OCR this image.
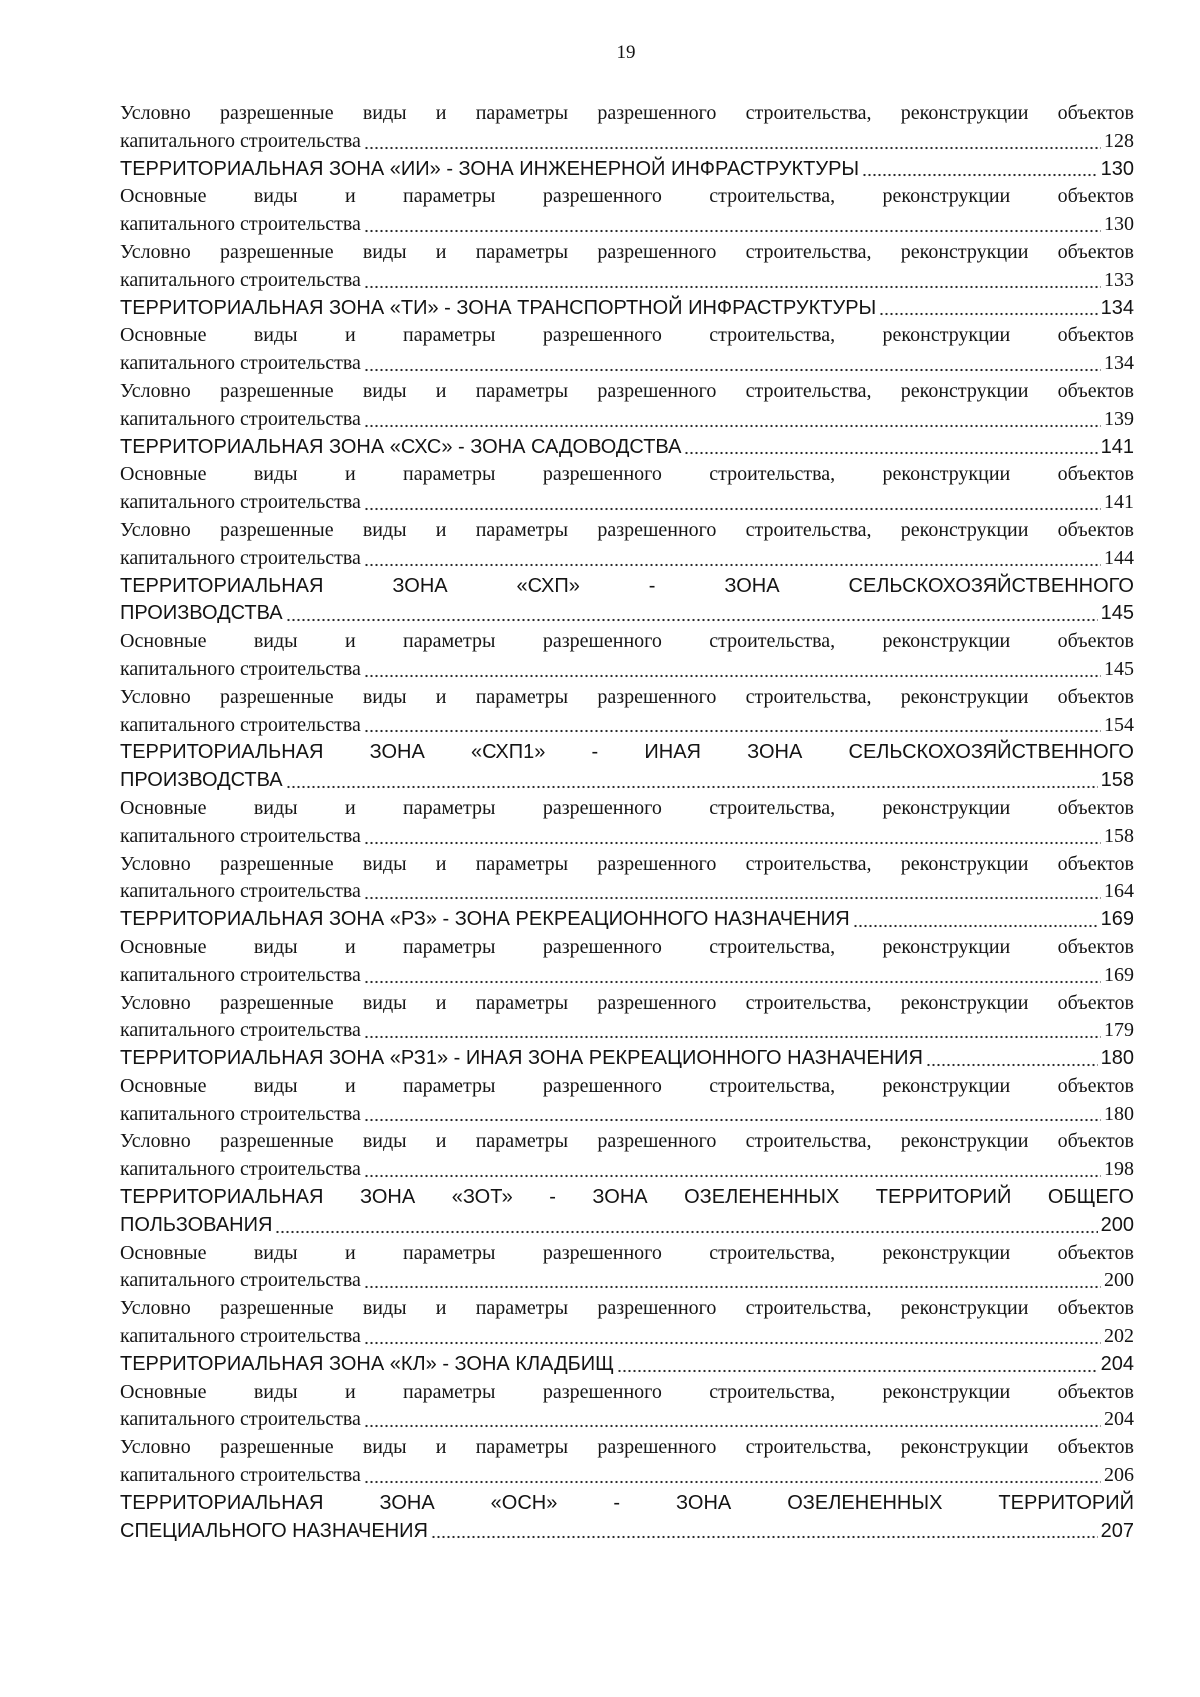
19
Условно разрешенные виды и параметры разрешенного строительства, реконструкции объектов
капитального строительства	128
ТЕРРИТОРИАЛЬНАЯ ЗОНА «ИИ» - ЗОНА ИНЖЕНЕРНОЙ ИНФРАСТРУКТУРЫ	130
Основные виды и параметры разрешенного строительства, реконструкции объектов
капитального строительства	130
Условно разрешенные виды и параметры разрешенного строительства, реконструкции объектов
капитального строительства	133
ТЕРРИТОРИАЛЬНАЯ ЗОНА «ТИ» - ЗОНА ТРАНСПОРТНОЙ ИНФРАСТРУКТУРЫ	134
Основные виды и параметры разрешенного строительства, реконструкции объектов
капитального строительства	134
Условно разрешенные виды и параметры разрешенного строительства, реконструкции объектов
капитального строительства	139
ТЕРРИТОРИАЛЬНАЯ ЗОНА «СХС» - ЗОНА САДОВОДСТВА	141
Основные виды и параметры разрешенного строительства, реконструкции объектов
капитального строительства	141
Условно разрешенные виды и параметры разрешенного строительства, реконструкции объектов
капитального строительства	144
ТЕРРИТОРИАЛЬНАЯ	ЗОНА	«СХП»	-	ЗОНА	СЕЛЬСКОХОЗЯЙСТВЕННОГО
ПРОИЗВОДСТВА	145
Основные виды и параметры разрешенного строительства, реконструкции объектов
капитального строительства	145
Условно разрешенные виды и параметры разрешенного строительства, реконструкции объектов
капитального строительства	154
ТЕРРИТОРИАЛЬНАЯ ЗОНА «СХП1» - ИНАЯ ЗОНА СЕЛЬСКОХОЗЯЙСТВЕННОГО
ПРОИЗВОДСТВА	158
Основные виды и параметры разрешенного строительства, реконструкции объектов
капитального строительства	158
Условно разрешенные виды и параметры разрешенного строительства, реконструкции объектов
капитального строительства	164
ТЕРРИТОРИАЛЬНАЯ ЗОНА «РЗ» - ЗОНА РЕКРЕАЦИОННОГО НАЗНАЧЕНИЯ	169
Основные виды и параметры разрешенного строительства, реконструкции объектов
капитального строительства	169
Условно разрешенные виды и параметры разрешенного строительства, реконструкции объектов
капитального строительства	179
ТЕРРИТОРИАЛЬНАЯ ЗОНА «РЗ1» - ИНАЯ ЗОНА РЕКРЕАЦИОННОГО НАЗНАЧЕНИЯ	180
Основные виды и параметры разрешенного строительства, реконструкции объектов
капитального строительства	180
Условно разрешенные виды и параметры разрешенного строительства, реконструкции объектов
капитального строительства	198
ТЕРРИТОРИАЛЬНАЯ ЗОНА «ЗОТ» - ЗОНА ОЗЕЛЕНЕННЫХ ТЕРРИТОРИЙ ОБЩЕГО
ПОЛЬЗОВАНИЯ	200
Основные виды и параметры разрешенного строительства, реконструкции объектов
капитального строительства	200
Условно разрешенные виды и параметры разрешенного строительства, реконструкции объектов
капитального строительства	202
ТЕРРИТОРИАЛЬНАЯ ЗОНА «КЛ» - ЗОНА КЛАДБИЩ	204
Основные виды и параметры разрешенного строительства, реконструкции объектов
капитального строительства	204
Условно разрешенные виды и параметры разрешенного строительства, реконструкции объектов
капитального строительства	206
ТЕРРИТОРИАЛЬНАЯ	ЗОНА	«ОСН»	-	ЗОНА	ОЗЕЛЕНЕННЫХ	ТЕРРИТОРИЙ
СПЕЦИАЛЬНОГО НАЗНАЧЕНИЯ	207
